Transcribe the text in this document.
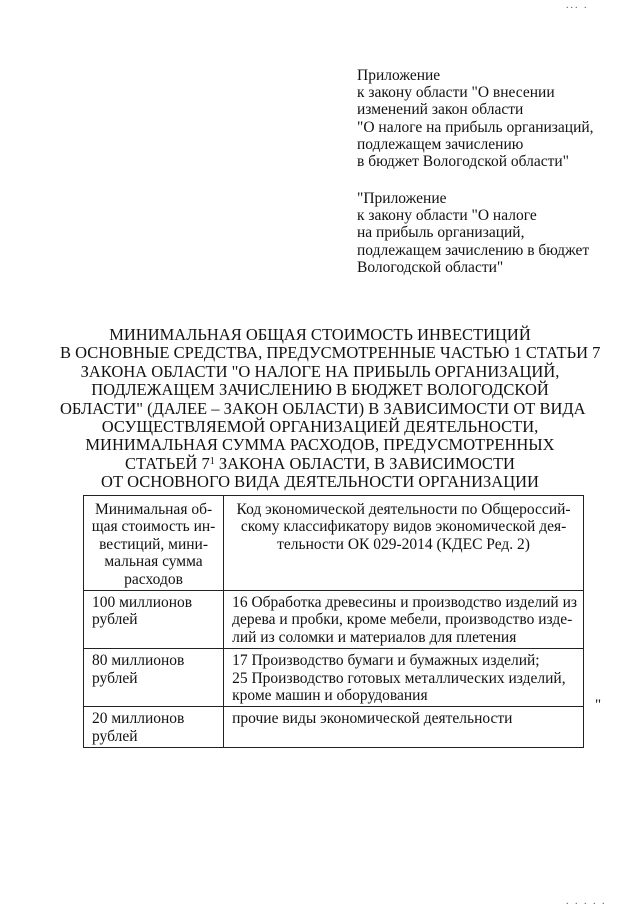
... .
Приложение
к закону области "О внесении
изменений закон области
"О налоге на прибыль организаций,
подлежащем зачислению
в бюджет Вологодской области"
"Приложение
к закону области "О налоге
на прибыль организаций,
подлежащем зачислению в бюджет
Вологодской области"
МИНИМАЛЬНАЯ ОБЩАЯ СТОИМОСТЬ ИНВЕСТИЦИЙ
В ОСНОВНЫЕ СРЕДСТВА, ПРЕДУСМОТРЕННЫЕ ЧАСТЬЮ 1 СТАТЬИ 7
ЗАКОНА ОБЛАСТИ "О НАЛОГЕ НА ПРИБЫЛЬ ОРГАНИЗАЦИЙ,
ПОДЛЕЖАЩЕМ ЗАЧИСЛЕНИЮ В БЮДЖЕТ ВОЛОГОДСКОЙ
ОБЛАСТИ" (ДАЛЕЕ – ЗАКОН ОБЛАСТИ) В ЗАВИСИМОСТИ ОТ ВИДА
ОСУЩЕСТВЛЯЕМОЙ ОРГАНИЗАЦИЕЙ ДЕЯТЕЛЬНОСТИ,
МИНИМАЛЬНАЯ СУММА РАСХОДОВ, ПРЕДУСМОТРЕННЫХ
СТАТЬЕЙ $7^1$ ЗАКОНА ОБЛАСТИ, В ЗАВИСИМОСТИ
ОТ ОСНОВНОГО ВИДА ДЕЯТЕЛЬНОСТИ ОРГАНИЗАЦИИ
Минимальная об-
щая стоимость ин-
вестиций, мини-
мальная сумма
расходов	Код экономической деятельности по Общероссий-
скому классификатору видов экономической дея-
тельности ОК 029-2014 (КДЕС Ред. 2)

100 миллионов
рублей	16 Обработка древесины и производство изделий из
дерева и пробки, кроме мебели, производство изде-
лий из соломки и материалов для плетения

80 миллионов
рублей	17 Производство бумаги и бумажных изделий;
25 Производство готовых металлических изделий,
кроме машин и оборудования

20 миллионов
рублей	прочие виды экономической деятельности
"
. . . . .
